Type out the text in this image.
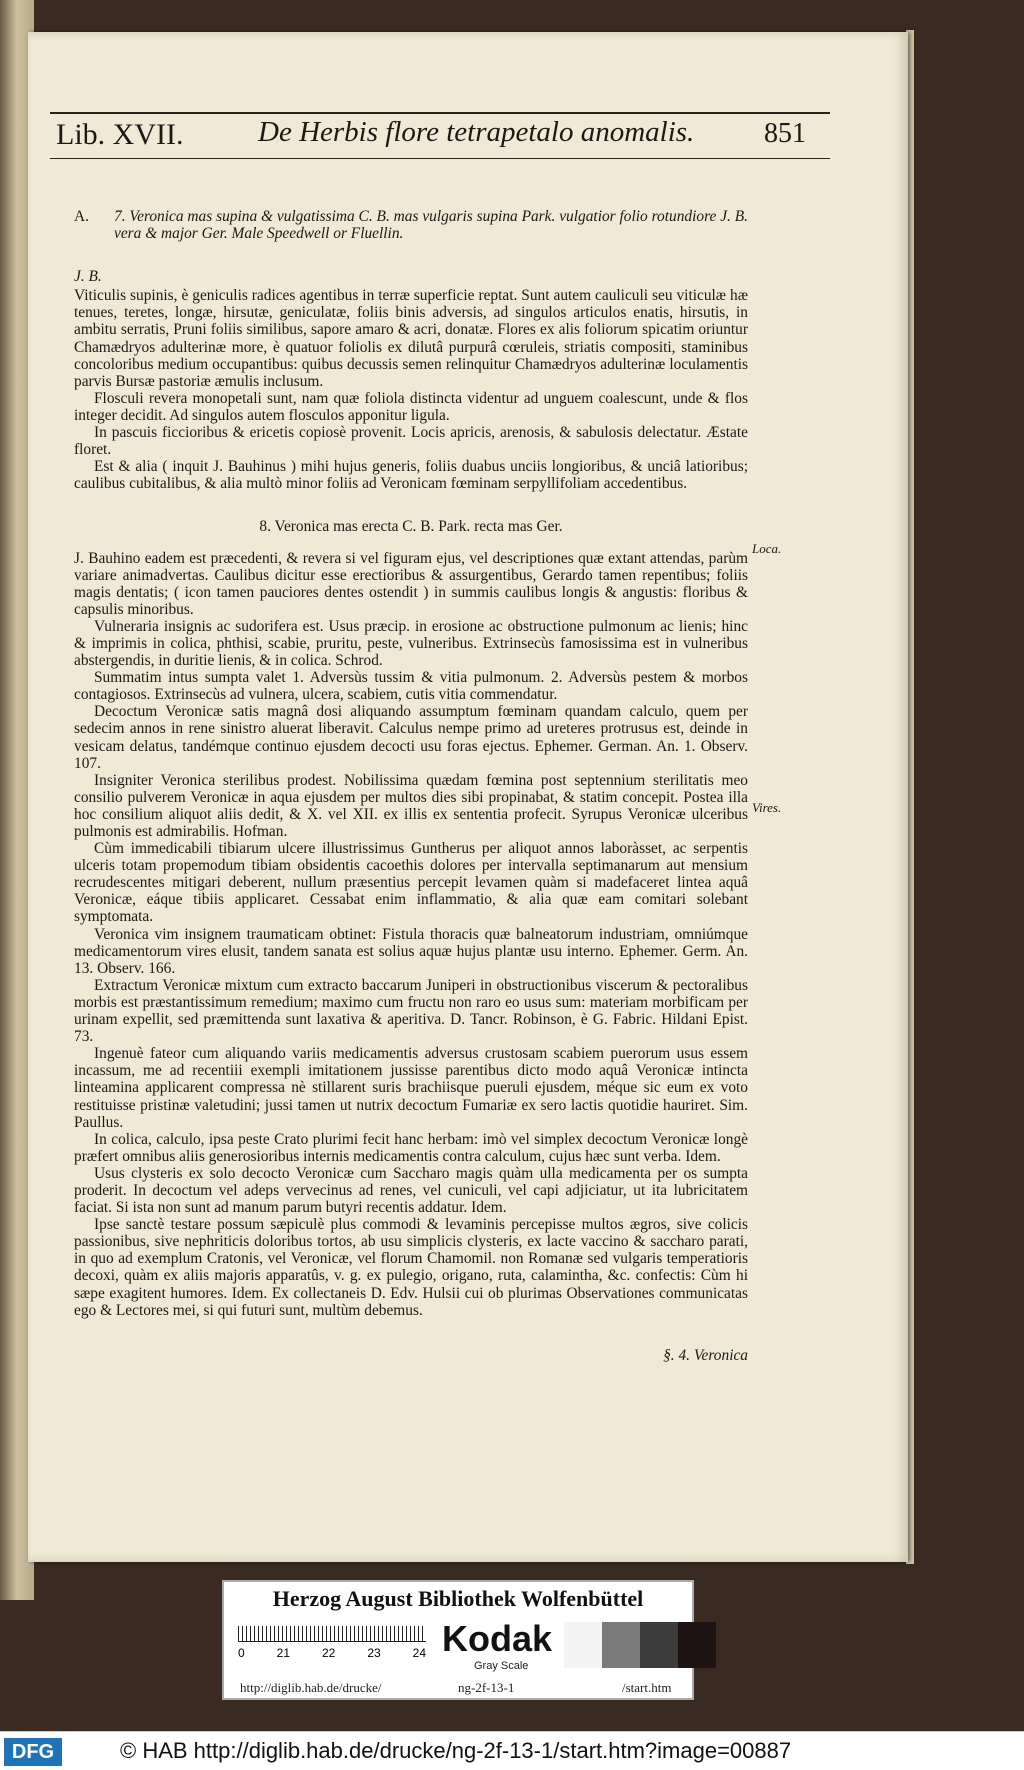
Lib. XVII.	De Herbis flore tetrapetalo anomalis. 851
Loca.
Vires.
A. 7. Veronica mas supina & vulgatissima C. B. mas vulgaris supina Park. vulgatior folio rotundiore J. B. vera & major Ger. Male Speedwell or Fluellin.
J. B.
Viticulis supinis, è geniculis radices agentibus in terræ superficie reptat. Sunt autem cauliculi seu viticulæ hæ tenues, teretes, longæ, hirsutæ, geniculatæ, foliis binis adversis, ad singulos articulos enatis, hirsutis, in ambitu serratis, Pruni foliis similibus, sapore amaro & acri, donatæ. Flores ex alis foliorum spicatim oriuntur Chamædryos adulterinæ more, è quatuor foliolis ex dilutâ purpurâ cœruleis, striatis compositi, staminibus concoloribus medium occupantibus: quibus decussis semen relinquitur Chamædryos adulterinæ loculamentis parvis Bursæ pastoriæ æmulis inclusum.
Flosculi revera monopetali sunt, nam quæ foliola distincta videntur ad unguem coalescunt, unde & flos integer decidit. Ad singulos autem flosculos apponitur ligula.
In pascuis ficcioribus & ericetis copiosè provenit. Locis apricis, arenosis, & sabulosis delectatur. Æstate floret.
Est & alia ( inquit J. Bauhinus ) mihi hujus generis, foliis duabus unciis longioribus, & unciâ latioribus; caulibus cubitalibus, & alia multò minor foliis ad Veronicam fœminam serpyllifoliam accedentibus.
8. Veronica mas erecta C. B. Park. recta mas Ger.
J. Bauhino eadem est præcedenti, & revera si vel figuram ejus, vel descriptiones quæ extant attendas, parùm variare animadvertas. Caulibus dicitur esse erectioribus & assurgentibus, Gerardo tamen repentibus; foliis magis dentatis; ( icon tamen pauciores dentes ostendit ) in summis caulibus longis & angustis: floribus & capsulis minoribus.
Vulneraria insignis ac sudorifera est. Usus præcip. in erosione ac obstructione pulmonum ac lienis; hinc & imprimis in colica, phthisi, scabie, pruritu, peste, vulneribus. Extrinsecùs famosissima est in vulneribus abstergendis, in duritie lienis, & in colica. Schrod.
Summatim intus sumpta valet 1. Adversùs tussim & vitia pulmonum. 2. Adversùs pestem & morbos contagiosos. Extrinsecùs ad vulnera, ulcera, scabiem, cutis vitia commendatur.
Decoctum Veronicæ satis magnâ dosi aliquando assumptum fœminam quandam calculo, quem per sedecim annos in rene sinistro aluerat liberavit. Calculus nempe primo ad ureteres protrusus est, deinde in vesicam delatus, tandémque continuo ejusdem decocti usu foras ejectus. Ephemer. German. An. 1. Observ. 107.
Insigniter Veronica sterilibus prodest. Nobilissima quædam fœmina post septennium sterilitatis meo consilio pulverem Veronicæ in aqua ejusdem per multos dies sibi propinabat, & statim concepit. Postea illa hoc consilium aliquot aliis dedit, & X. vel XII. ex illis ex sententia profecit. Syrupus Veronicæ ulceribus pulmonis est admirabilis. Hofman.
Cùm immedicabili tibiarum ulcere illustrissimus Guntherus per aliquot annos laboràsset, ac serpentis ulceris totam propemodum tibiam obsidentis cacoethis dolores per intervalla septimanarum aut mensium recrudescentes mitigari deberent, nullum præsentius percepit levamen quàm si madefaceret lintea aquâ Veronicæ, eáque tibiis applicaret. Cessabat enim inflammatio, & alia quæ eam comitari solebant symptomata.
Veronica vim insignem traumaticam obtinet: Fistula thoracis quæ balneatorum industriam, omniúmque medicamentorum vires elusit, tandem sanata est solius aquæ hujus plantæ usu interno. Ephemer. Germ. An. 13. Observ. 166.
Extractum Veronicæ mixtum cum extracto baccarum Juniperi in obstructionibus viscerum & pectoralibus morbis est præstantissimum remedium; maximo cum fructu non raro eo usus sum: materiam morbificam per urinam expellit, sed præmittenda sunt laxativa & aperitiva. D. Tancr. Robinson, è G. Fabric. Hildani Epist. 73.
Ingenuè fateor cum aliquando variis medicamentis adversus crustosam scabiem puerorum usus essem incassum, me ad recentiii exempli imitationem jussisse parentibus dicto modo aquâ Veronicæ intincta linteamina applicarent compressa nè stillarent suris brachiisque pueruli ejusdem, méque sic eum ex voto restituisse pristinæ valetudini; jussi tamen ut nutrix decoctum Fumariæ ex sero lactis quotidie hauriret. Sim. Paullus.
In colica, calculo, ipsa peste Crato plurimi fecit hanc herbam: imò vel simplex decoctum Veronicæ longè præfert omnibus aliis generosioribus internis medicamentis contra calculum, cujus hæc sunt verba. Idem.
Usus clysteris ex solo decocto Veronicæ cum Saccharo magis quàm ulla medicamenta per os sumpta proderit. In decoctum vel adeps vervecinus ad renes, vel cuniculi, vel capi adjiciatur, ut ita lubricitatem faciat. Si ista non sunt ad manum parum butyri recentis addatur. Idem.
Ipse sanctè testare possum sæpiculè plus commodi & levaminis percepisse multos ægros, sive colicis passionibus, sive nephriticis doloribus tortos, ab usu simplicis clysteris, ex lacte vaccino & saccharo parati, in quo ad exemplum Cratonis, vel Veronicæ, vel florum Chamomil. non Romanæ sed vulgaris temperatioris decoxi, quàm ex aliis majoris apparatûs, v. g. ex pulegio, origano, ruta, calamintha, &c. confectis: Cùm hi sæpe exagitent humores. Idem. Ex collectaneis D. Edv. Hulsii cui ob plurimas Observationes communicatas ego & Lectores mei, si qui futuri sunt, multùm debemus.
§. 4. Veronica
Herzog August Bibliothek Wolfenbüttel
0	21	22	23	24 Kodak
Gray Scale
http://diglib.hab.de/drucke/	ng-2f-13-1	/start.htm
DFG	© HAB http://diglib.hab.de/drucke/ng-2f-13-1/start.htm?image=00887
